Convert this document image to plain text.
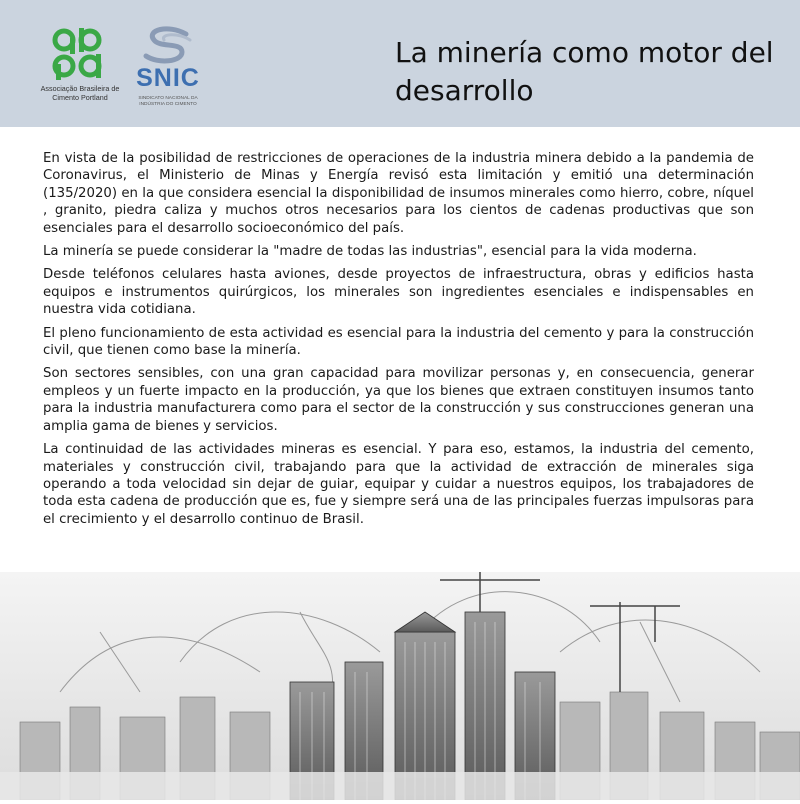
Associação Brasileira de Cimento Portland
SNIC
SINDICATO NACIONAL DA INDÚSTRIA DO CIMENTO
La minería como motor del desarrollo

En vista de la posibilidad de restricciones de operaciones de la industria minera debido a la pandemia de Coronavirus, el Ministerio de Minas y Energía revisó esta limitación y emitió una determinación (135/2020) en la que considera esencial la disponibilidad de insumos minerales como hierro, cobre, níquel , granito, piedra caliza y muchos otros necesarios para los cientos de cadenas productivas que son esenciales para el desarrollo socioeconómico del país.

La minería se puede considerar la "madre de todas las industrias", esencial para la vida moderna.

Desde teléfonos celulares hasta aviones, desde proyectos de infraestructura, obras y edificios hasta equipos e instrumentos quirúrgicos, los minerales son ingredientes esenciales e indispensables en nuestra vida cotidiana.

El pleno funcionamiento de esta actividad es esencial para la industria del cemento y para la construcción civil, que tienen como base la minería.

Son sectores sensibles, con una gran capacidad para movilizar personas y, en consecuencia, generar empleos y un fuerte impacto en la producción, ya que los bienes que extraen constituyen insumos tanto para la industria manufacturera como para el sector de la construcción y sus construcciones generan una amplia gama de bienes y servicios.

La continuidad de las actividades mineras es esencial. Y para eso, estamos, la industria del cemento, materiales y construcción civil, trabajando para que la actividad de extracción de minerales siga operando a toda velocidad sin dejar de guiar, equipar y cuidar a nuestros equipos, los trabajadores de toda esta cadena de producción que es, fue y siempre será una de las principales fuerzas impulsoras para el crecimiento y el desarrollo continuo de Brasil.
